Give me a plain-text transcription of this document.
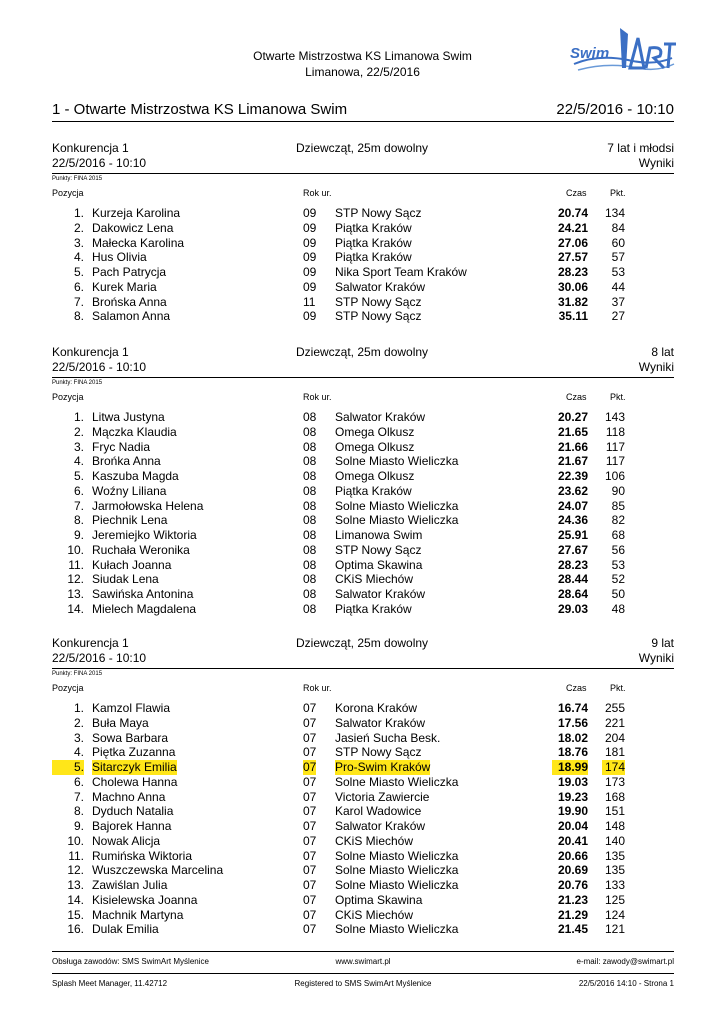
Otwarte Mistrzostwa KS Limanowa Swim
Limanowa, 22/5/2016
Swim
1 - Otwarte Mistrzostwa KS Limanowa Swim	22/5/2016 - 10:10
Konkurencja 1
22/5/2016 - 10:10
Dziewcząt, 25m dowolny	7 lat i młodsi
Wyniki
Punkty: FINA 2015
Pozycja	Rok ur.	Czas	Pkt.
1. Kurzeja Karolina	09 STP Nowy Sącz	20.74 134
2. Dakowicz Lena	09 Piątka Kraków	24.21	84
3. Małecka Karolina	09 Piątka Kraków	27.06	60
4. Hus Olivia	09 Piątka Kraków	27.57	57
5. Pach Patrycja	09 Nika Sport Team Kraków	28.23	53
6. Kurek Maria	09 Salwator Kraków	30.06	44
7. Brońska Anna	11 STP Nowy Sącz	31.82	37
8. Salamon Anna	09 STP Nowy Sącz	35.11	27
Konkurencja 1
22/5/2016 - 10:10
Dziewcząt, 25m dowolny	8 lat
Wyniki
Punkty: FINA 2015
Pozycja	Rok ur.	Czas	Pkt.
1. Litwa Justyna	08 Salwator Kraków	20.27 143
2. Mączka Klaudia	08 Omega Olkusz	21.65	118
3. Fryc Nadia	08 Omega Olkusz	21.66	117
4. Brońka Anna	08 Solne Miasto Wieliczka	21.67	117
5. Kaszuba Magda	08 Omega Olkusz	22.39 106
6. Woźny Liliana	08 Piątka Kraków	23.62	90
7. Jarmołowska Helena	08 Solne Miasto Wieliczka	24.07	85
8. Piechnik Lena	08 Solne Miasto Wieliczka	24.36	82
9. Jeremiejko Wiktoria	08 Limanowa Swim	25.91	68
10. Ruchała Weronika	08 STP Nowy Sącz	27.67	56
11. Kułach Joanna	08 Optima Skawina	28.23	53
12. Siudak Lena	08 CKiS Miechów	28.44	52
13. Sawińska Antonina	08 Salwator Kraków	28.64	50
14. Mielech Magdalena	08 Piątka Kraków	29.03	48
Konkurencja 1
22/5/2016 - 10:10
Dziewcząt, 25m dowolny	9 lat
Wyniki
Punkty: FINA 2015
Pozycja	Rok ur.	Czas	Pkt.
1. Kamzol Flawia	07 Korona Kraków	16.74 255
2. Buła Maya	07 Salwator Kraków	17.56 221
3. Sowa Barbara	07 Jasień Sucha Besk.	18.02 204
4. Piętka Zuzanna	07 STP Nowy Sącz	18.76 181
5. Sitarczyk Emilia	07 Pro-Swim Kraków	18.99 174
6. Cholewa Hanna	07 Solne Miasto Wieliczka	19.03 173
7. Machno Anna	07 Victoria Zawiercie	19.23 168
8. Dyduch Natalia	07 Karol Wadowice	19.90 151
9. Bajorek Hanna	07 Salwator Kraków	20.04 148
10. Nowak Alicja	07 CKiS Miechów	20.41 140
11. Rumińska Wiktoria	07 Solne Miasto Wieliczka	20.66 135
12. Wuszczewska Marcelina	07 Solne Miasto Wieliczka	20.69 135
13. Zawiślan Julia	07 Solne Miasto Wieliczka	20.76 133
14. Kisielewska Joanna	07 Optima Skawina	21.23 125
15. Machnik Martyna	07 CKiS Miechów	21.29 124
16. Dulak Emilia	07 Solne Miasto Wieliczka	21.45 121
Obsługa zawodów: SMS SwimArt Myślenice	www.swimart.pl	e-mail: zawody@swimart.pl
Splash Meet Manager, 11.42712	Registered to SMS SwimArt Myślenice	22/5/2016 14:10 - Strona 1
